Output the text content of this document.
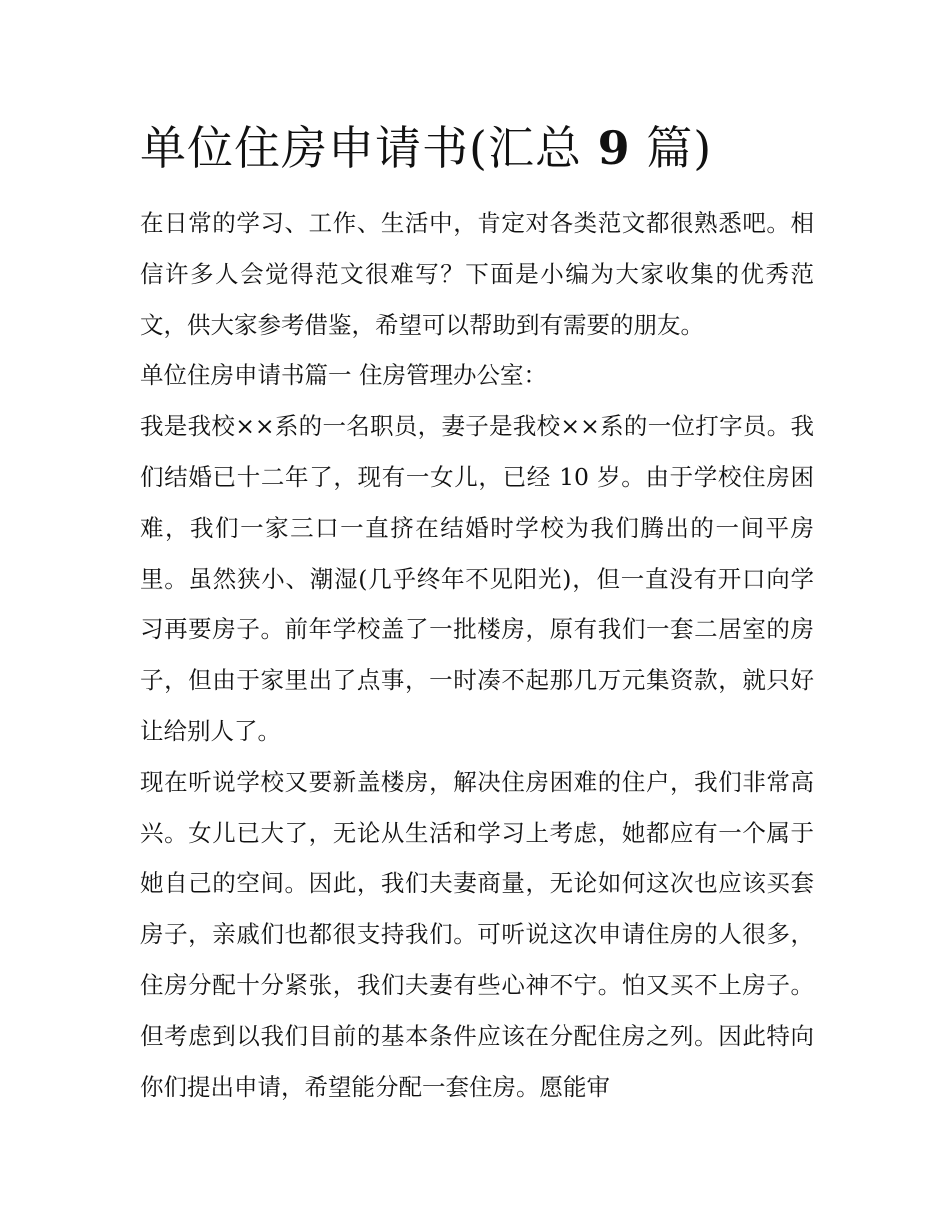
单位住房申请书(汇总 9 篇)

在日常的学习、工作、生活中，肯定对各类范文都很熟悉吧。相信许多人会觉得范文很难写？下面是小编为大家收集的优秀范文，供大家参考借鉴，希望可以帮助到有需要的朋友。

单位住房申请书篇一 住房管理办公室：

我是我校××系的一名职员，妻子是我校××系的一位打字员。我们结婚已十二年了，现有一女儿，已经 10 岁。由于学校住房困难，我们一家三口一直挤在结婚时学校为我们腾出的一间平房里。虽然狭小、潮湿(几乎终年不见阳光)，但一直没有开口向学习再要房子。前年学校盖了一批楼房，原有我们一套二居室的房子，但由于家里出了点事，一时凑不起那几万元集资款，就只好让给别人了。

现在听说学校又要新盖楼房，解决住房困难的住户，我们非常高兴。女儿已大了，无论从生活和学习上考虑，她都应有一个属于她自己的空间。因此，我们夫妻商量，无论如何这次也应该买套房子，亲戚们也都很支持我们。可听说这次申请住房的人很多，住房分配十分紧张，我们夫妻有些心神不宁。怕又买不上房子。但考虑到以我们目前的基本条件应该在分配住房之列。因此特向你们提出申请，希望能分配一套住房。愿能审
